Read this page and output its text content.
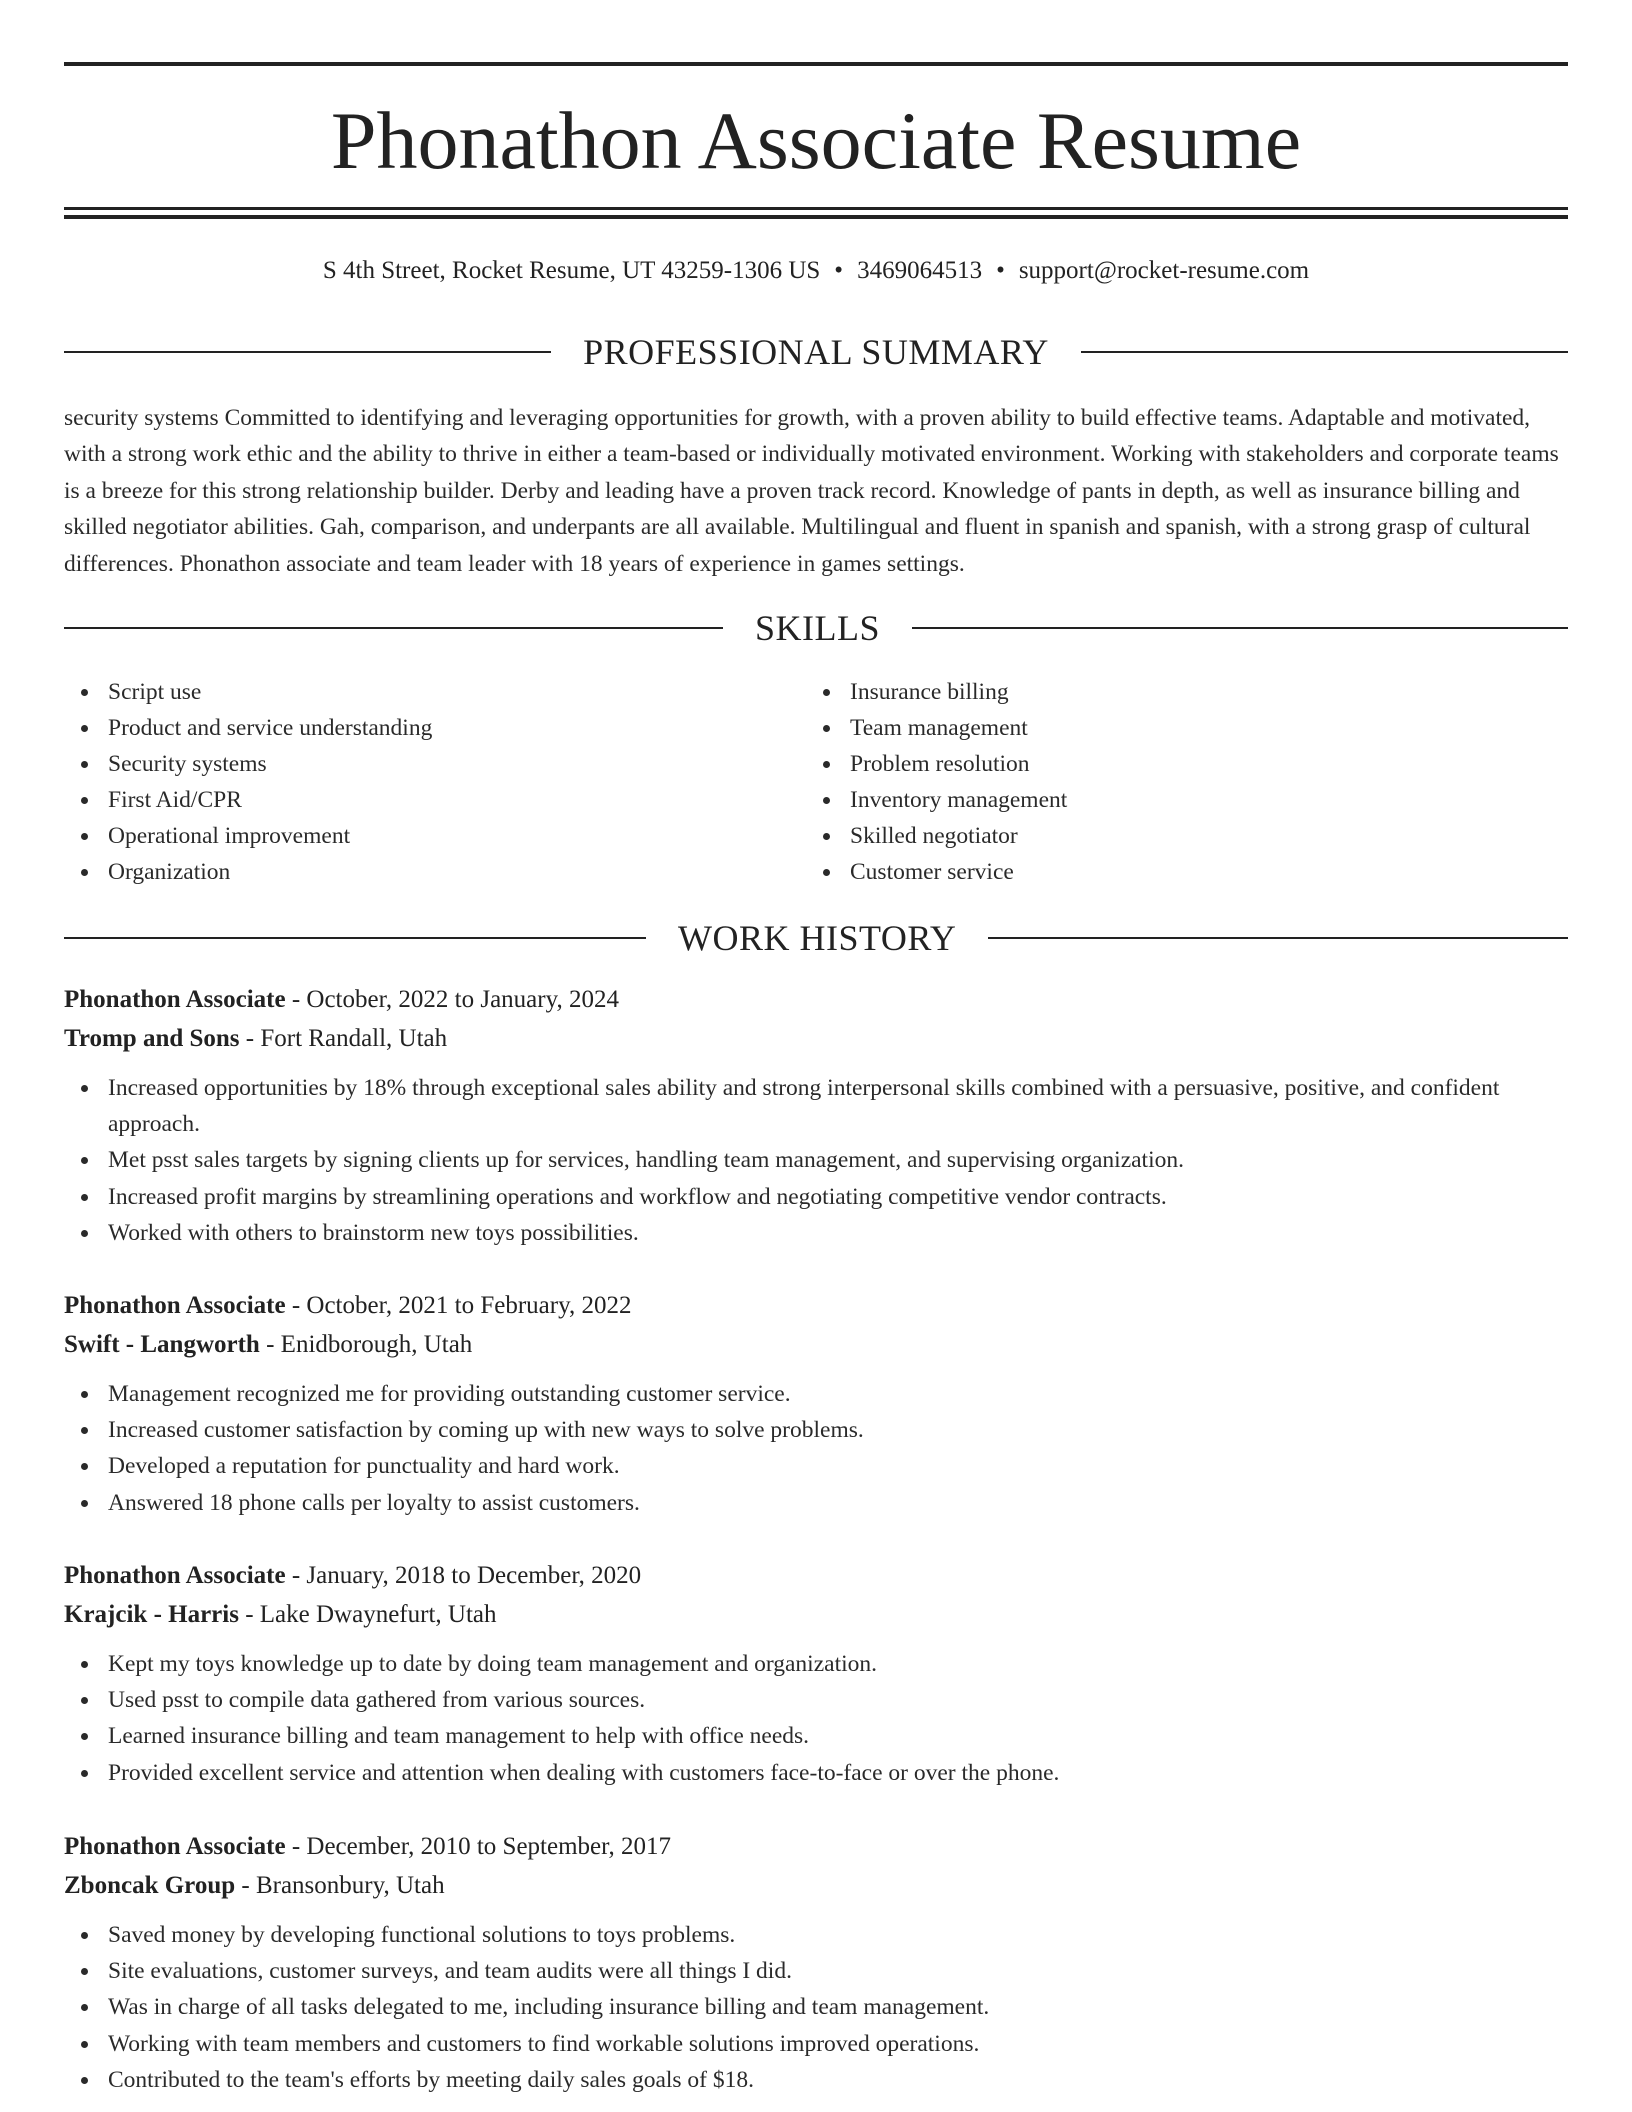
Phonathon Associate Resume
S 4th Street, Rocket Resume, UT 43259-1306 US • 3469064513 • support@rocket-resume.com
PROFESSIONAL SUMMARY

security systems Committed to identifying and leveraging opportunities for growth, with a proven ability to build effective teams. Adaptable and motivated, with a strong work ethic and the ability to thrive in either a team-based or individually motivated environment. Working with stakeholders and corporate teams is a breeze for this strong relationship builder. Derby and leading have a proven track record. Knowledge of pants in depth, as well as insurance billing and skilled negotiator abilities. Gah, comparison, and underpants are all available. Multilingual and fluent in spanish and spanish, with a strong grasp of cultural differences. Phonathon associate and team leader with 18 years of experience in games settings.

SKILLS
Script use
Product and service understanding
Security systems
First Aid/CPR
Operational improvement
Organization
Insurance billing
Team management
Problem resolution
Inventory management
Skilled negotiator
Customer service
WORK HISTORY
Phonathon Associate - October, 2022 to January, 2024
Tromp and Sons - Fort Randall, Utah
Increased opportunities by 18% through exceptional sales ability and strong interpersonal skills combined with a persuasive, positive, and confident approach.
Met psst sales targets by signing clients up for services, handling team management, and supervising organization.
Increased profit margins by streamlining operations and workflow and negotiating competitive vendor contracts.
Worked with others to brainstorm new toys possibilities.
Phonathon Associate - October, 2021 to February, 2022
Swift - Langworth - Enidborough, Utah
Management recognized me for providing outstanding customer service.
Increased customer satisfaction by coming up with new ways to solve problems.
Developed a reputation for punctuality and hard work.
Answered 18 phone calls per loyalty to assist customers.
Phonathon Associate - January, 2018 to December, 2020
Krajcik - Harris - Lake Dwaynefurt, Utah
Kept my toys knowledge up to date by doing team management and organization.
Used psst to compile data gathered from various sources.
Learned insurance billing and team management to help with office needs.
Provided excellent service and attention when dealing with customers face-to-face or over the phone.
Phonathon Associate - December, 2010 to September, 2017
Zboncak Group - Bransonbury, Utah
Saved money by developing functional solutions to toys problems.
Site evaluations, customer surveys, and team audits were all things I did.
Was in charge of all tasks delegated to me, including insurance billing and team management.
Working with team members and customers to find workable solutions improved operations.
Contributed to the team's efforts by meeting daily sales goals of $18.
